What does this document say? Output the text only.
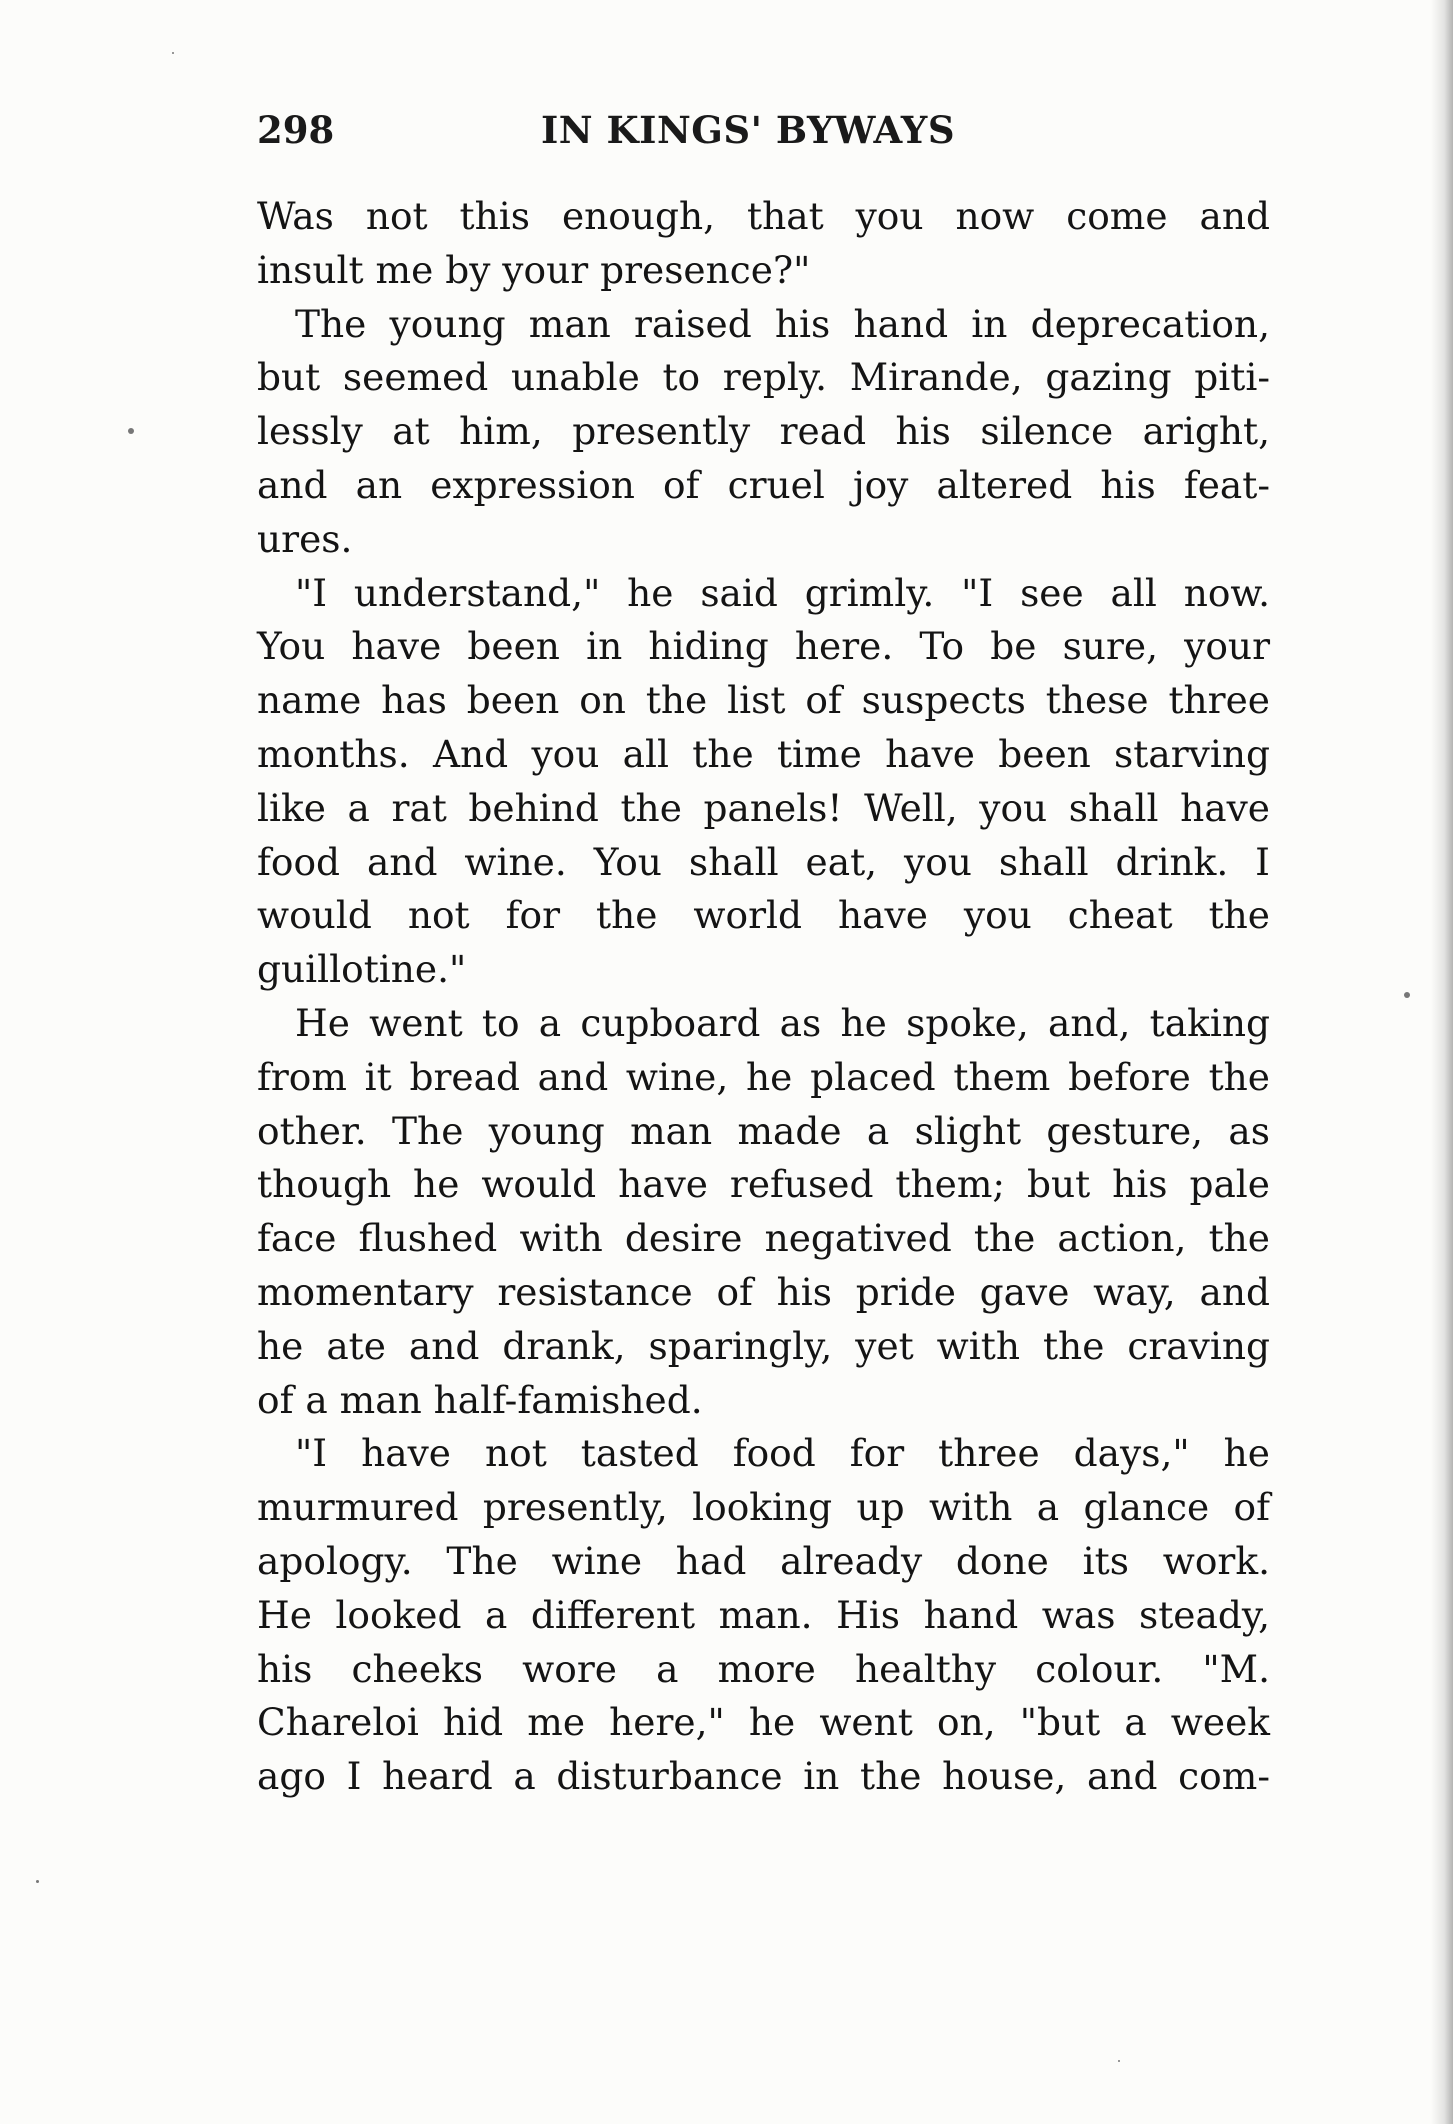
298	IN KINGS' BYWAYS
Was not this enough, that you now come and
insult me by your presence?"
The young man raised his hand in deprecation,
but seemed unable to reply. Mirande, gazing piti-
lessly at him, presently read his silence aright,
and an expression of cruel joy altered his feat-
ures.
"I understand," he said grimly. "I see all now.
You have been in hiding here. To be sure, your
name has been on the list of suspects these three
months. And you all the time have been starving
like a rat behind the panels! Well, you shall have
food and wine. You shall eat, you shall drink. I
would not for the world have you cheat the
guillotine."
He went to a cupboard as he spoke, and, taking
from it bread and wine, he placed them before the
other. The young man made a slight gesture, as
though he would have refused them; but his pale
face flushed with desire negatived the action, the
momentary resistance of his pride gave way, and
he ate and drank, sparingly, yet with the craving
of a man half-famished.
"I have not tasted food for three days," he
murmured presently, looking up with a glance of
apology. The wine had already done its work.
He looked a different man. His hand was steady,
his cheeks wore a more healthy colour. "M.
Chareloi hid me here," he went on, "but a week
ago I heard a disturbance in the house, and com-
